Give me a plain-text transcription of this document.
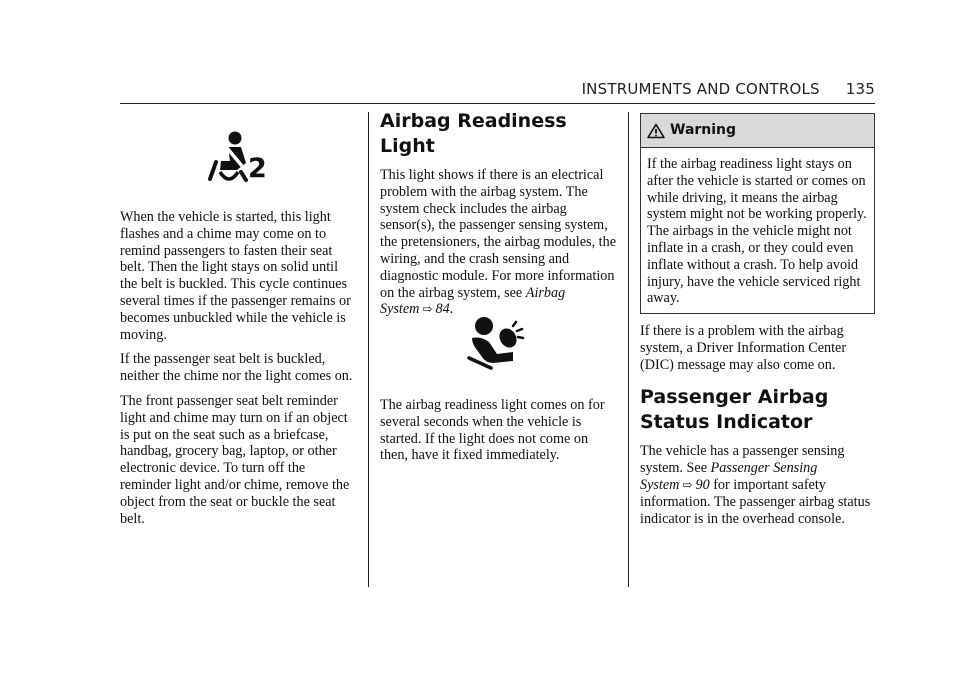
INSTRUMENTS AND CONTROLS 135
2

When the vehicle is started, this light flashes and a chime may come on to remind passengers to fasten their seat belt. Then the light stays on solid until the belt is buckled. This cycle continues several times if the passenger remains or becomes unbuckled while the vehicle is moving.

If the passenger seat belt is buckled, neither the chime nor the light comes on.

The front passenger seat belt reminder light and chime may turn on if an object is put on the seat such as a briefcase, handbag, grocery bag, laptop, or other electronic device. To turn off the reminder light and/or chime, remove the object from the seat or buckle the seat belt.

Airbag Readiness Light

This light shows if there is an electrical problem with the airbag system. The system check includes the airbag sensor(s), the passenger sensing system, the pretensioners, the airbag modules, the wiring, and the crash sensing and diagnostic module. For more information on the airbag system, see Airbag System ⇨ 84.

The airbag readiness light comes on for several seconds when the vehicle is started. If the light does not come on then, have it fixed immediately.

Warning

If the airbag readiness light stays on after the vehicle is started or comes on while driving, it means the airbag system might not be working properly. The airbags in the vehicle might not inflate in a crash, or they could even inflate without a crash. To help avoid injury, have the vehicle serviced right away.

If there is a problem with the airbag system, a Driver Information Center (DIC) message may also come on.

Passenger Airbag Status Indicator

The vehicle has a passenger sensing system. See Passenger Sensing System ⇨ 90 for important safety information. The passenger airbag status indicator is in the overhead console.
